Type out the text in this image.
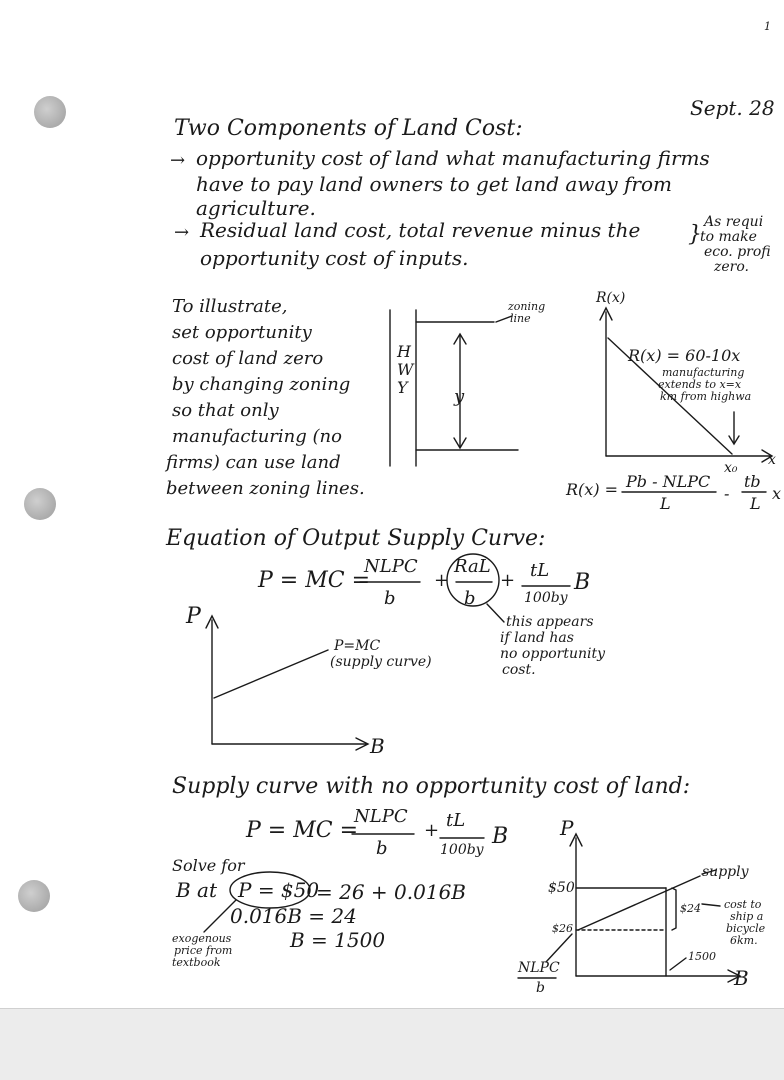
1
Sept. 28
Two Components of Land Cost:
→ opportunity cost of land what manufacturing firms
have to pay land owners to get land away from
agriculture.
→ Residual land cost, total revenue minus the
opportunity cost of inputs.
} As requi
to make
eco. profi
zero.
To illustrate,
set opportunity
cost of land zero
by changing zoning
so that only
manufacturing (no
firms) can use land
between zoning lines.
H
W
Y
zoning
line
y
R(x)
R(x) = 60-10x
manufacturing
extends to x=x
km from highwa
x
x₀
R(x) = Pb - NLPC
L
-
tb
L
x
Equation of Output Supply Curve:
P = MC =
NLPC
b
+
RaL
b
+ tL
100by
B
this appears
if land has
no opportunity
cost.
P
B
P=MC
(supply curve)
Supply curve with no opportunity cost of land:
P = MC =
NLPC
b
+ tL
100by
B
Solve for
B at P = $50
= 26 + 0.016B
0.016B = 24
B = 1500
exogenous
price from
textbook
P
B
$50
$26
supply
$24 cost to
ship a
bicycle
6km.
1500
NLPC
b
